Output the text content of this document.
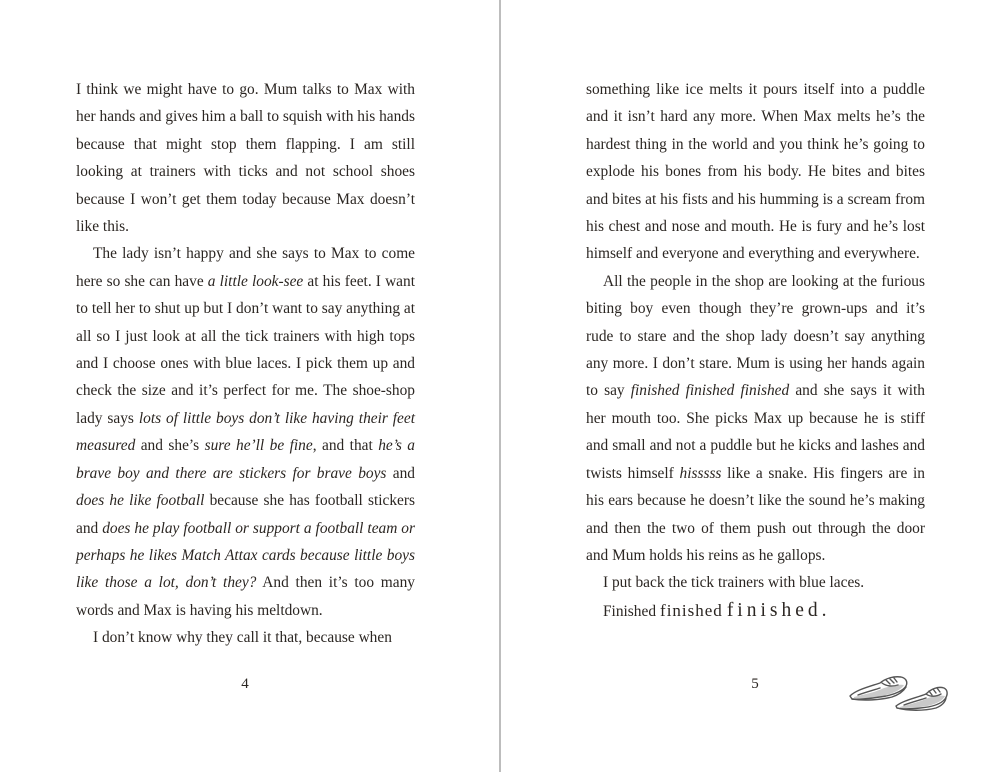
I think we might have to go. Mum talks to Max with her hands and gives him a ball to squish with his hands because that might stop them flapping. I am still looking at trainers with ticks and not school shoes because I won’t get them today because Max doesn’t like this.

The lady isn’t happy and she says to Max to come here so she can have a little look-see at his feet. I want to tell her to shut up but I don’t want to say anything at all so I just look at all the tick trainers with high tops and I choose ones with blue laces. I pick them up and check the size and it’s perfect for me. The shoe-shop lady says lots of little boys don’t like having their feet measured and she’s sure he’ll be fine, and that he’s a brave boy and there are stickers for brave boys and does he like football because she has football stickers and does he play football or support a football team or perhaps he likes Match Attax cards because little boys like those a lot, don’t they? And then it’s too many words and Max is having his meltdown.

I don’t know why they call it that, because when

something like ice melts it pours itself into a puddle and it isn’t hard any more. When Max melts he’s the hardest thing in the world and you think he’s going to explode his bones from his body. He bites and bites and bites at his fists and his humming is a scream from his chest and nose and mouth. He is fury and he’s lost himself and everyone and everything and everywhere.

All the people in the shop are looking at the furious biting boy even though they’re grown-ups and it’s rude to stare and the shop lady doesn’t say anything any more. I don’t stare. Mum is using her hands again to say finished finished finished and she says it with her mouth too. She picks Max up because he is stiff and small and not a puddle but he kicks and lashes and twists himself hisssss like a snake. His fingers are in his ears because he doesn’t like the sound he’s making and then the two of them push out through the door and Mum holds his reins as he gallops.

I put back the tick trainers with blue laces.

Finished finished finished.
4	5
